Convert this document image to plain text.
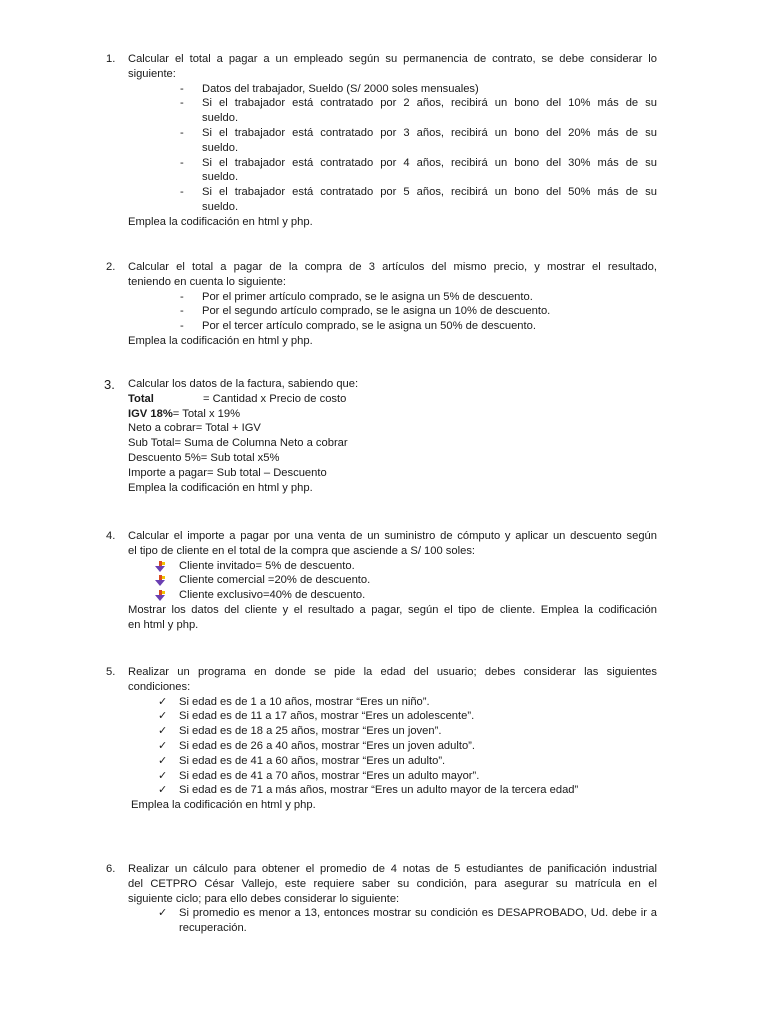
1. Calcular el total a pagar a un empleado según su permanencia de contrato, se debe considerar lo
siguiente:
- Datos del trabajador, Sueldo (S/ 2000 soles mensuales)
- Si el trabajador está contratado por 2 años, recibirá un bono del 10% más de su
sueldo.
- Si el trabajador está contratado por 3 años, recibirá un bono del 20% más de su
sueldo.
- Si el trabajador está contratado por 4 años, recibirá un bono del 30% más de su
sueldo.
- Si el trabajador está contratado por 5 años, recibirá un bono del 50% más de su
sueldo.
Emplea la codificación en html y php.
2. Calcular el total a pagar de la compra de 3 artículos del mismo precio, y mostrar el resultado,
teniendo en cuenta lo siguiente:
- Por el primer artículo comprado, se le asigna un 5% de descuento.
- Por el segundo artículo comprado, se le asigna un 10% de descuento.
- Por el tercer artículo comprado, se le asigna un 50% de descuento.
Emplea la codificación en html y php.
3. Calcular los datos de la factura, sabiendo que:
Total	= Cantidad x Precio de costo
IGV 18%= Total x 19%
Neto a cobrar= Total + IGV
Sub Total= Suma de Columna Neto a cobrar
Descuento 5%= Sub total x5%
Importe a pagar= Sub total – Descuento
Emplea la codificación en html y php.
4. Calcular el importe a pagar por una venta de un suministro de cómputo y aplicar un descuento según
el tipo de cliente en el total de la compra que asciende a S/ 100 soles:
Cliente invitado= 5% de descuento.
Cliente comercial =20% de descuento.
Cliente exclusivo=40% de descuento.
Mostrar los datos del cliente y el resultado a pagar, según el tipo de cliente. Emplea la codificación
en html y php.
5. Realizar un programa en donde se pide la edad del usuario; debes considerar las siguientes
condiciones:
✓ Si edad es de 1 a 10 años, mostrar “Eres un niño”.
✓ Si edad es de 11 a 17 años, mostrar “Eres un adolescente”.
✓ Si edad es de 18 a 25 años, mostrar “Eres un joven”.
✓ Si edad es de 26 a 40 años, mostrar “Eres un joven adulto”.
✓ Si edad es de 41 a 60 años, mostrar “Eres un adulto”.
✓ Si edad es de 41 a 70 años, mostrar “Eres un adulto mayor”.
✓ Si edad es de 71 a más años, mostrar “Eres un adulto mayor de la tercera edad”
Emplea la codificación en html y php.
6. Realizar un cálculo para obtener el promedio de 4 notas de 5 estudiantes de panificación industrial
del CETPRO César Vallejo, este requiere saber su condición, para asegurar su matrícula en el
siguiente ciclo; para ello debes considerar lo siguiente:
✓ Si promedio es menor a 13, entonces mostrar su condición es DESAPROBADO, Ud. debe ir a
recuperación.
